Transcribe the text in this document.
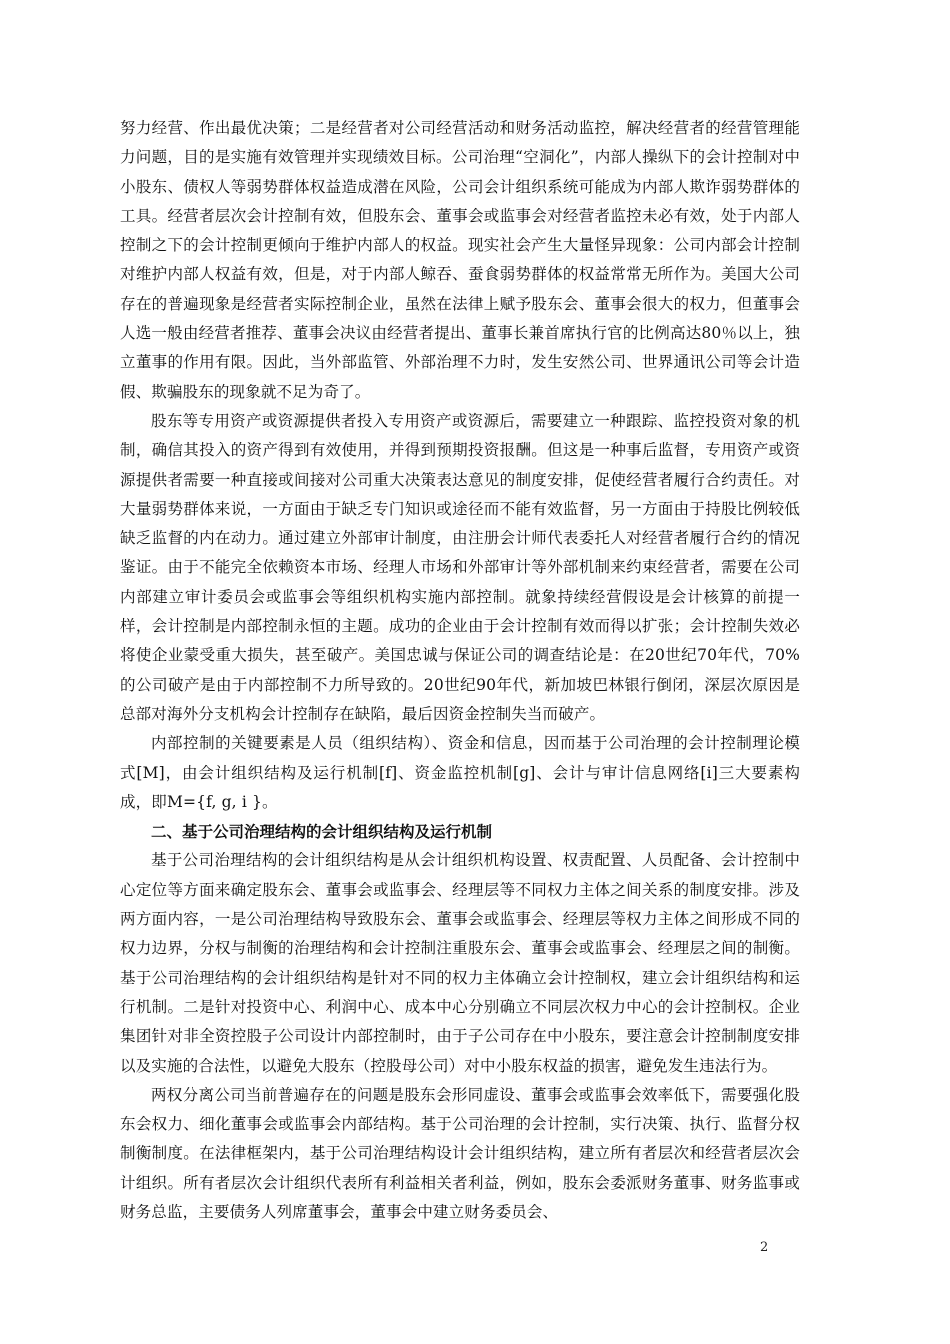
努力经营、作出最优决策；二是经营者对公司经营活动和财务活动监控，解决经营者的经营管理能力问题，目的是实施有效管理并实现绩效目标。公司治理“空洞化”，内部人操纵下的会计控制对中小股东、债权人等弱势群体权益造成潜在风险，公司会计组织系统可能成为内部人欺诈弱势群体的工具。经营者层次会计控制有效，但股东会、董事会或监事会对经营者监控未必有效，处于内部人控制之下的会计控制更倾向于维护内部人的权益。现实社会产生大量怪异现象：公司内部会计控制对维护内部人权益有效，但是，对于内部人鲸吞、蚕食弱势群体的权益常常无所作为。美国大公司存在的普遍现象是经营者实际控制企业，虽然在法律上赋予股东会、董事会很大的权力，但董事会人选一般由经营者推荐、董事会决议由经营者提出、董事长兼首席执行官的比例高达80％以上，独立董事的作用有限。因此，当外部监管、外部治理不力时，发生安然公司、世界通讯公司等会计造假、欺骗股东的现象就不足为奇了。

股东等专用资产或资源提供者投入专用资产或资源后，需要建立一种跟踪、监控投资对象的机制，确信其投入的资产得到有效使用，并得到预期投资报酬。但这是一种事后监督，专用资产或资源提供者需要一种直接或间接对公司重大决策表达意见的制度安排，促使经营者履行合约责任。对大量弱势群体来说，一方面由于缺乏专门知识或途径而不能有效监督，另一方面由于持股比例较低缺乏监督的内在动力。通过建立外部审计制度，由注册会计师代表委托人对经营者履行合约的情况鉴证。由于不能完全依赖资本市场、经理人市场和外部审计等外部机制来约束经营者，需要在公司内部建立审计委员会或监事会等组织机构实施内部控制。就象持续经营假设是会计核算的前提一样，会计控制是内部控制永恒的主题。成功的企业由于会计控制有效而得以扩张；会计控制失效必将使企业蒙受重大损失，甚至破产。美国忠诚与保证公司的调查结论是：在20世纪70年代，70%的公司破产是由于内部控制不力所导致的。20世纪90年代，新加坡巴林银行倒闭，深层次原因是总部对海外分支机构会计控制存在缺陷，最后因资金控制失当而破产。

内部控制的关键要素是人员（组织结构）、资金和信息，因而基于公司治理的会计控制理论模式[M]，由会计组织结构及运行机制[f]、资金监控机制[g]、会计与审计信息网络[i]三大要素构成，即M={f, g, i }。

二、基于公司治理结构的会计组织结构及运行机制

基于公司治理结构的会计组织结构是从会计组织机构设置、权责配置、人员配备、会计控制中心定位等方面来确定股东会、董事会或监事会、经理层等不同权力主体之间关系的制度安排。涉及两方面内容，一是公司治理结构导致股东会、董事会或监事会、经理层等权力主体之间形成不同的权力边界，分权与制衡的治理结构和会计控制注重股东会、董事会或监事会、经理层之间的制衡。基于公司治理结构的会计组织结构是针对不同的权力主体确立会计控制权，建立会计组织结构和运行机制。二是针对投资中心、利润中心、成本中心分别确立不同层次权力中心的会计控制权。企业集团针对非全资控股子公司设计内部控制时，由于子公司存在中小股东，要注意会计控制制度安排以及实施的合法性，以避免大股东（控股母公司）对中小股东权益的损害，避免发生违法行为。

两权分离公司当前普遍存在的问题是股东会形同虚设、董事会或监事会效率低下，需要强化股东会权力、细化董事会或监事会内部结构。基于公司治理的会计控制，实行决策、执行、监督分权制衡制度。在法律框架内，基于公司治理结构设计会计组织结构，建立所有者层次和经营者层次会计组织。所有者层次会计组织代表所有利益相关者利益，例如，股东会委派财务董事、财务监事或财务总监，主要债务人列席董事会，董事会中建立财务委员会、

2
